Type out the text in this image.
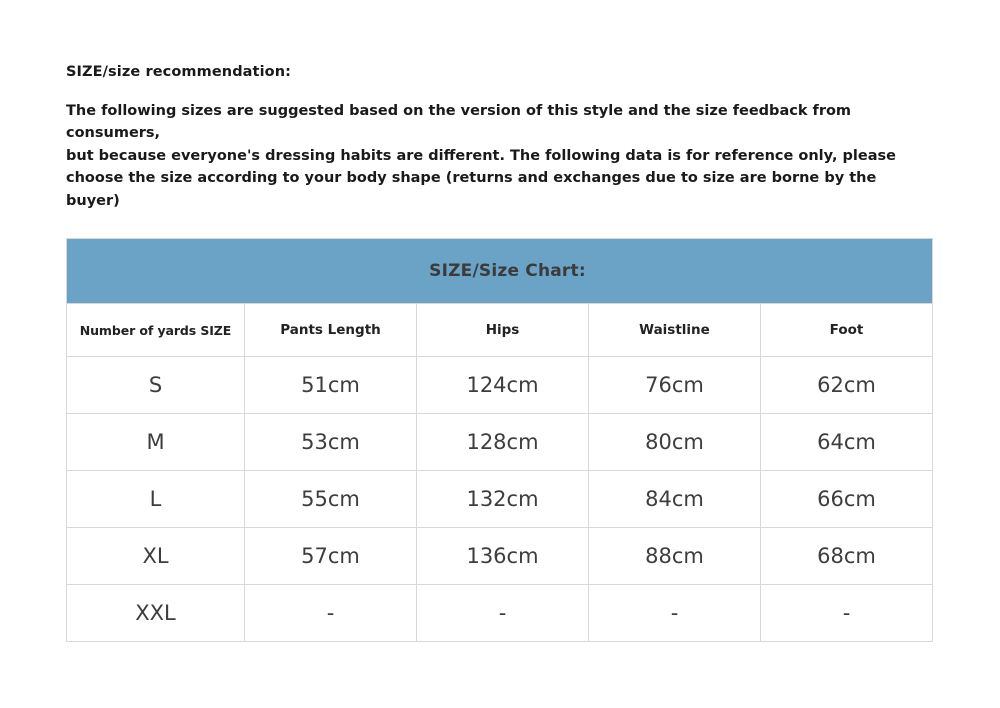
SIZE/size recommendation:
The following sizes are suggested based on the version of this style and the size feedback from consumers,
but because everyone's dressing habits are different. The following data is for reference only, please
choose the size according to your body shape (returns and exchanges due to size are borne by the buyer)
SIZE/Size Chart:				
Number of yards SIZE	Pants Length	Hips	Waistline	Foot
S	51cm	124cm	76cm	62cm
M	53cm	128cm	80cm	64cm
L	55cm	132cm	84cm	66cm
XL	57cm	136cm	88cm	68cm
XXL	-	-	-	-
